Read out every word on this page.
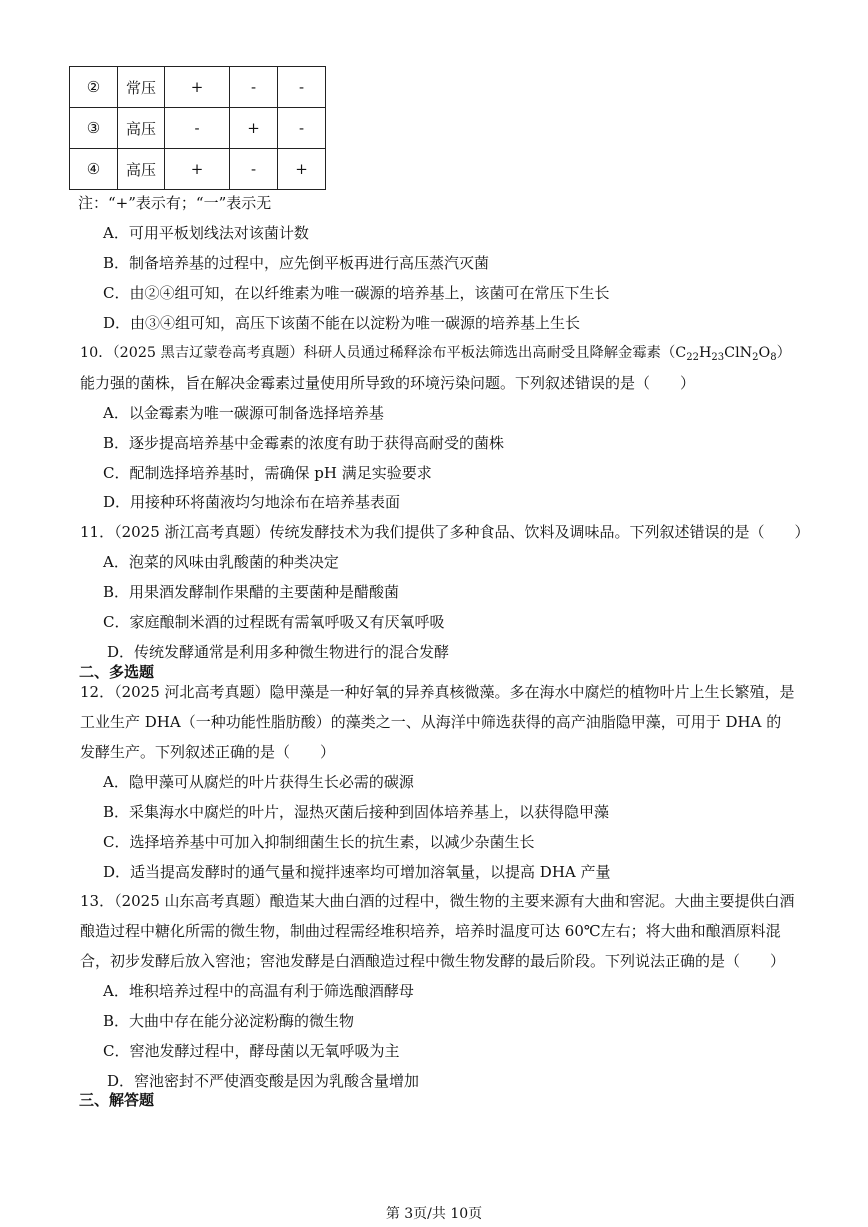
②	常压	+	-	-
③	高压	-	+	-
④	高压	+	-	+
注：“+”表示有；“一”表示无
A．可用平板划线法对该菌计数
B．制备培养基的过程中，应先倒平板再进行高压蒸汽灭菌
C．由②④组可知，在以纤维素为唯一碳源的培养基上，该菌可在常压下生长
D．由③④组可知，高压下该菌不能在以淀粉为唯一碳源的培养基上生长
10．（2025 黑吉辽蒙卷高考真题）科研人员通过稀释涂布平板法筛选出高耐受且降解金霉素$(C_{22}H_{23}ClN_2O_8)$
能力强的菌株，旨在解决金霉素过量使用所导致的环境污染问题。下列叙述错误的是（　　）
A．以金霉素为唯一碳源可制备选择培养基
B．逐步提高培养基中金霉素的浓度有助于获得高耐受的菌株
C．配制选择培养基时，需确保 pH 满足实验要求
D．用接种环将菌液均匀地涂布在培养基表面
11．（2025 浙江高考真题）传统发酵技术为我们提供了多种食品、饮料及调味品。下列叙述错误的是（　　）
A．泡菜的风味由乳酸菌的种类决定
B．用果酒发酵制作果醋的主要菌种是醋酸菌
C．家庭酿制米酒的过程既有需氧呼吸又有厌氧呼吸
D．传统发酵通常是利用多种微生物进行的混合发酵
二、多选题
12．（2025 河北高考真题）隐甲藻是一种好氧的异养真核微藻。多在海水中腐烂的植物叶片上生长繁殖，是
工业生产 DHA（一种功能性脂肪酸）的藻类之一、从海洋中筛选获得的高产油脂隐甲藻，可用于 DHA 的
发酵生产。下列叙述正确的是（　　）
A．隐甲藻可从腐烂的叶片获得生长必需的碳源
B．采集海水中腐烂的叶片，湿热灭菌后接种到固体培养基上，以获得隐甲藻
C．选择培养基中可加入抑制细菌生长的抗生素，以减少杂菌生长
D．适当提高发酵时的通气量和搅拌速率均可增加溶氧量，以提高 DHA 产量
13．（2025 山东高考真题）酿造某大曲白酒的过程中，微生物的主要来源有大曲和窖泥。大曲主要提供白酒
酿造过程中糖化所需的微生物，制曲过程需经堆积培养，培养时温度可达 60℃左右；将大曲和酿酒原料混
合，初步发酵后放入窖池；窖池发酵是白酒酿造过程中微生物发酵的最后阶段。下列说法正确的是（　　）
A．堆积培养过程中的高温有利于筛选酿酒酵母
B．大曲中存在能分泌淀粉酶的微生物
C．窖池发酵过程中，酵母菌以无氧呼吸为主
D．窖池密封不严使酒变酸是因为乳酸含量增加
三、解答题
第 3页/共 10页
